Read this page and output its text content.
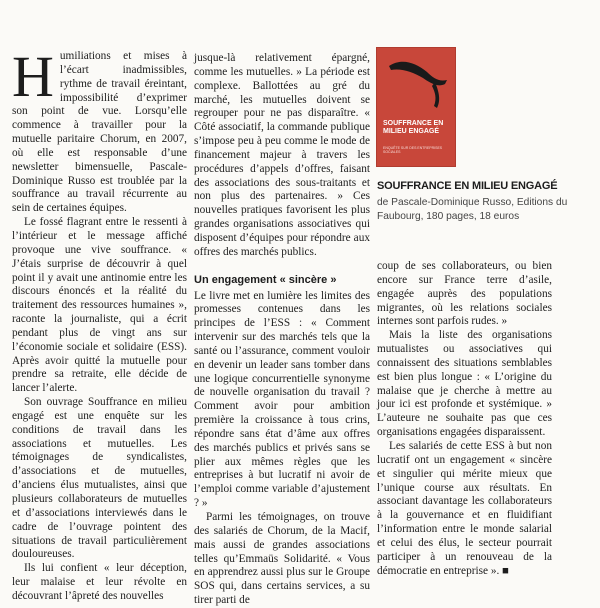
Humiliations et mises à l’écart inadmissibles, rythme de travail éreintant, impossibilité d’exprimer son point de vue. Lorsqu’elle commence à travailler pour la mutuelle paritaire Chorum, en 2007, où elle est responsable d’une newsletter bimensuelle, Pascale-Dominique Russo est troublée par la souffrance au travail récurrente au sein de certaines équipes.

Le fossé flagrant entre le ressenti à l’intérieur et le message affiché provoque une vive souffrance. « J’étais surprise de découvrir à quel point il y avait une antinomie entre les discours énoncés et la réalité du traitement des ressources humaines », raconte la journaliste, qui a écrit pendant plus de vingt ans sur l’économie sociale et solidaire (ESS). Après avoir quitté la mutuelle pour prendre sa retraite, elle décide de lancer l’alerte.

Son ouvrage Souffrance en milieu engagé est une enquête sur les conditions de travail dans les associations et mutuelles. Les témoignages de syndicalistes, d’associations et de mutuelles, d’anciens élus mutualistes, ainsi que plusieurs collaborateurs de mutuelles et d’associations interviewés dans le cadre de l’ouvrage pointent des situations de travail particulièrement douloureuses.

Ils lui confient « leur déception, leur malaise et leur révolte en découvrant l’âpreté des nouvelles

jusque-là relativement épargné, comme les mutuelles. » La période est complexe. Ballottées au gré du marché, les mutuelles doivent se regrouper pour ne pas disparaître. « Côté associatif, la commande publique s’impose peu à peu comme le mode de financement majeur à travers les procédures d’appels d’offres, faisant des associations des sous-traitants et non plus des partenaires. » Ces nouvelles pratiques favorisent les plus grandes organisations associatives qui disposent d’équipes pour répondre aux offres des marchés publics.

Un engagement « sincère »

Le livre met en lumière les limites des promesses contenues dans les principes de l’ESS : « Comment intervenir sur des marchés tels que la santé ou l’assurance, comment vouloir en devenir un leader sans tomber dans une logique concurrentielle synonyme de nouvelle organisation du travail ? Comment avoir pour ambition première la croissance à tous crins, répondre sans état d’âme aux offres des marchés publics et privés sans se plier aux mêmes règles que les entreprises à but lucratif ni avoir de l’emploi comme variable d’ajustement ? »

Parmi les témoignages, on trouve des salariés de Chorum, de la Macif, mais aussi de grandes associations telles qu’Emmaüs Solidarité. « Vous en apprendrez aussi plus sur le Groupe SOS qui, dans certains services, a su tirer parti de

SOUFFRANCE EN MILIEU ENGAGÉ
ENQUÊTE SUR DES ENTREPRISES SOCIALES
SOUFFRANCE EN MILIEU ENGAGÉ
de Pascale-Dominique Russo, Editions du Faubourg, 180 pages, 18 euros

coup de ses collaborateurs, ou bien encore sur France terre d’asile, engagée auprès des populations migrantes, où les relations sociales internes sont parfois rudes. »

Mais la liste des organisations mutualistes ou associatives qui connaissent des situations semblables est bien plus longue : « L’origine du malaise que je cherche à mettre au jour ici est profonde et systémique. » L’auteure ne souhaite pas que ces organisations engagées disparaissent.

Les salariés de cette ESS à but non lucratif ont un engagement « sincère et singulier qui mérite mieux que l’unique course aux résultats. En associant davantage les collaborateurs à la gouvernance et en fluidifiant l’information entre le monde salarial et celui des élus, le secteur pourrait participer à un renouveau de la démocratie en entreprise ». ■
